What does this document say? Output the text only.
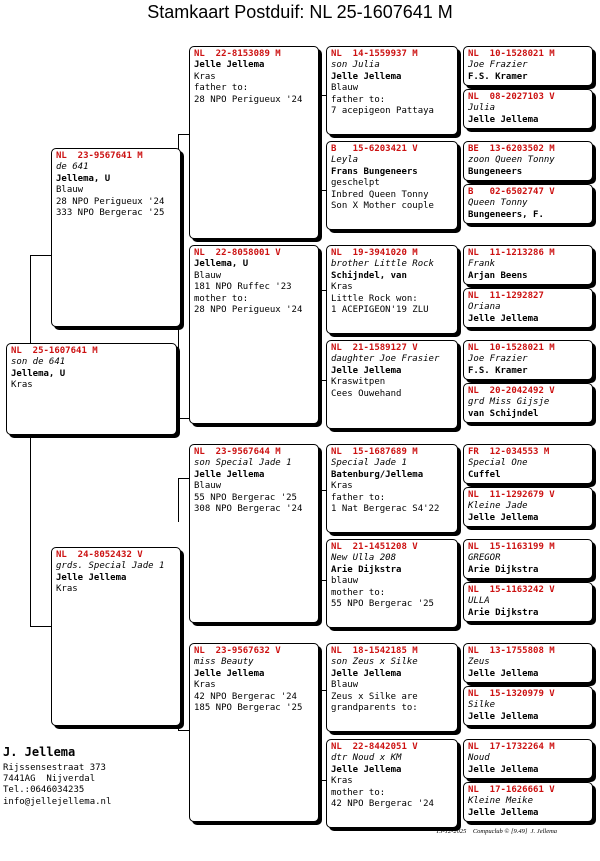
Stamkaart Postduif: NL 25-1607641 M
NL  25-1607641 M
son de 641
Jellema, U
Kras
NL  23-9567641 M
de 641
Jellema, U
Blauw
28 NPO Perigueux '24
333 NPO Bergerac '25
NL  24-8052432 V
grds. Special Jade 1
Jelle Jellema
Kras
NL  22-8153089 M
Jelle Jellema
Kras
father to:
28 NPO Perigueux '24
NL  22-8058001 V
Jellema, U
Blauw
181 NPO Ruffec '23
mother to:
28 NPO Perigueux '24
NL  23-9567644 M
son Special Jade 1
Jelle Jellema
Blauw
55 NPO Bergerac '25
308 NPO Bergerac '24
NL  23-9567632 V
miss Beauty
Jelle Jellema
Kras
42 NPO Bergerac '24
185 NPO Bergerac '25
NL  14-1559937 M
son Julia
Jelle Jellema
Blauw
father to:
7 acepigeon Pattaya
B   15-6203421 V
Leyla
Frans Bungeneers
geschelpt
Inbred Queen Tonny
Son X Mother couple
NL  19-3941020 M
brother Little Rock
Schijndel, van
Kras
Little Rock won:
1 ACEPIGEON'19 ZLU
NL  21-1589127 V
daughter Joe Frasier
Jelle Jellema
Kraswitpen
Cees Ouwehand
NL  15-1687689 M
Special Jade 1
Batenburg/Jellema
Kras
father to:
1 Nat Bergerac S4'22
NL  21-1451208 V
New Ulla 208
Arie Dijkstra
blauw
mother to:
55 NPO Bergerac '25
NL  18-1542185 M
son Zeus x Silke
Jelle Jellema
Blauw
Zeus x Silke are
grandparents to:
NL  22-8442051 V
dtr Noud x KM
Jelle Jellema
Kras
mother to:
42 NPO Bergerac '24
NL  10-1528021 M
Joe Frazier
F.S. Kramer
NL  08-2027103 V
Julia
Jelle Jellema
BE  13-6203502 M
zoon Queen Tonny
Bungeneers
B   02-6502747 V
Queen Tonny
Bungeneers, F.
NL  11-1213286 M
Frank
Arjan Beens
NL  11-1292827
Oriana
Jelle Jellema
NL  10-1528021 M
Joe Frazier
F.S. Kramer
NL  20-2042492 V
grd Miss Gijsje
van Schijndel
FR  12-034553 M
Special One
Cuffel
NL  11-1292679 V
Kleine Jade
Jelle Jellema
NL  15-1163199 M
GREGOR
Arie Dijkstra
NL  15-1163242 V
ULLA
Arie Dijkstra
NL  13-1755808 M
Zeus
Jelle Jellema
NL  15-1320979 V
Silke
Jelle Jellema
NL  17-1732264 M
Noud
Jelle Jellema
NL  17-1626661 V
Kleine Meike
Jelle Jellema
J. Jellema
Rijssensestraat 373
7441AG  Nijverdal
Tel.:0646034235
info@jellejellema.nl
15-12-2025    Compuclub © [9.49]  J. Jellema
